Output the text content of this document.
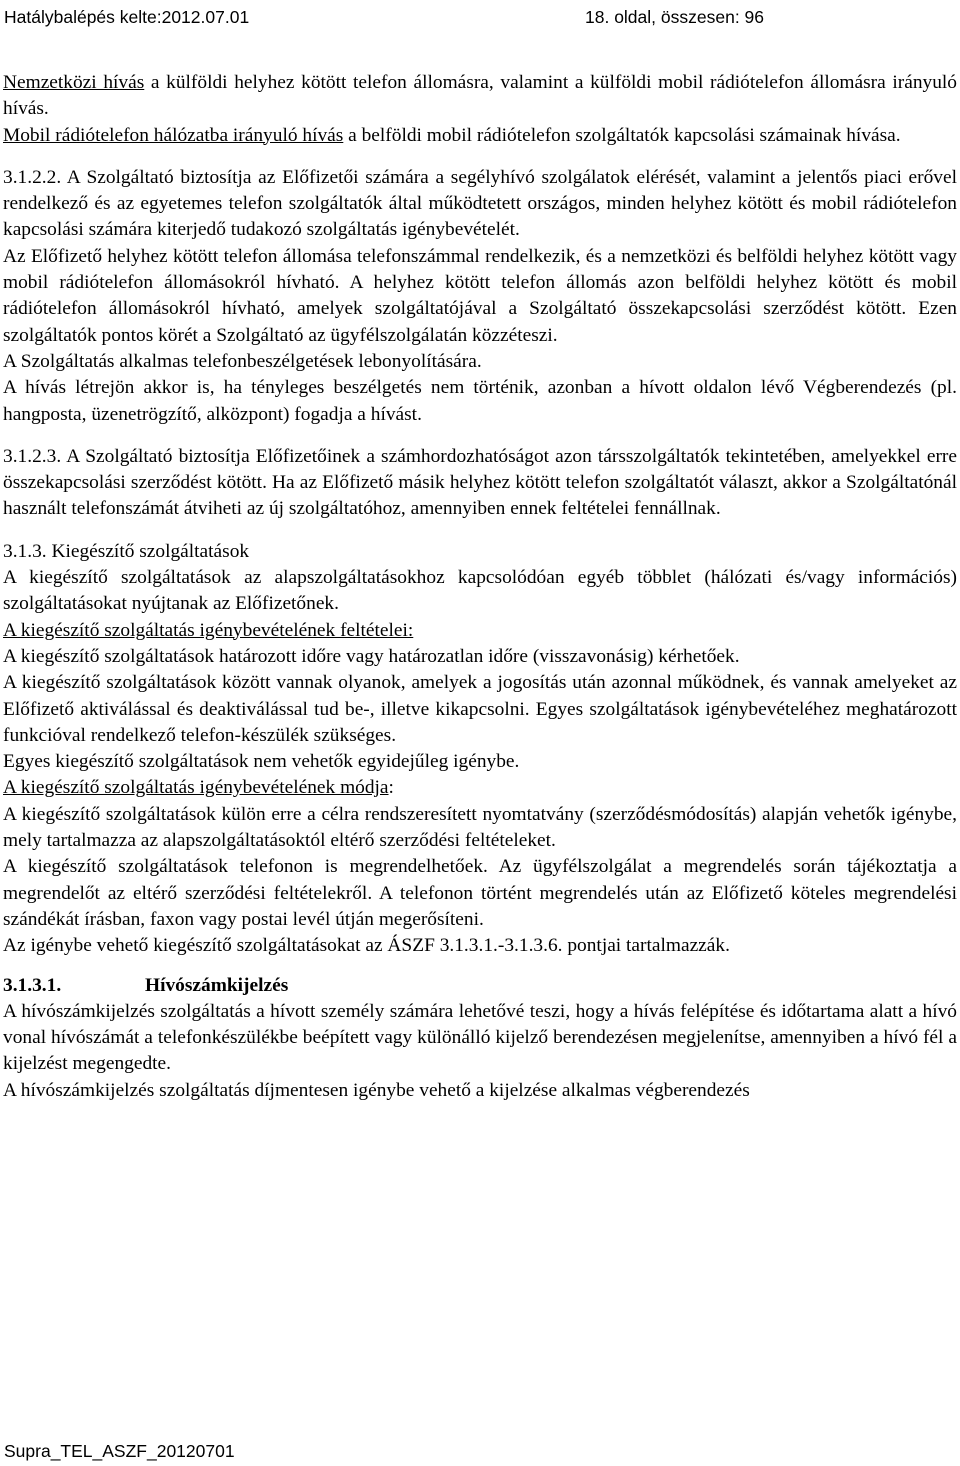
Hatálybalépés kelte:2012.07.01	18. oldal, összesen: 96

Nemzetközi hívás a külföldi helyhez kötött telefon állomásra, valamint a külföldi mobil rádiótelefon állomásra irányuló hívás.

Mobil rádiótelefon hálózatba irányuló hívás a belföldi mobil rádiótelefon szolgáltatók kapcsolási számainak hívása.

3.1.2.2. A Szolgáltató biztosítja az Előfizetői számára a segélyhívó szolgálatok elérését, valamint a jelentős piaci erővel rendelkező és az egyetemes telefon szolgáltatók által működtetett országos, minden helyhez kötött és mobil rádiótelefon kapcsolási számára kiterjedő tudakozó szolgáltatás igénybevételét.

Az Előfizető helyhez kötött telefon állomása telefonszámmal rendelkezik, és a nemzetközi és belföldi helyhez kötött vagy mobil rádiótelefon állomásokról hívható. A helyhez kötött telefon állomás azon belföldi helyhez kötött és mobil rádiótelefon állomásokról hívható, amelyek szolgáltatójával a Szolgáltató összekapcsolási szerződést kötött. Ezen szolgáltatók pontos körét a Szolgáltató az ügyfélszolgálatán közzéteszi.

A Szolgáltatás alkalmas telefonbeszélgetések lebonyolítására.

A hívás létrejön akkor is, ha tényleges beszélgetés nem történik, azonban a hívott oldalon lévő Végberendezés (pl. hangposta, üzenetrögzítő, alközpont) fogadja a hívást.

3.1.2.3. A Szolgáltató biztosítja Előfizetőinek a számhordozhatóságot azon társszolgáltatók tekintetében, amelyekkel erre összekapcsolási szerződést kötött. Ha az Előfizető másik helyhez kötött telefon szolgáltatót választ, akkor a Szolgáltatónál használt telefonszámát átviheti az új szolgáltatóhoz, amennyiben ennek feltételei fennállnak.

3.1.3. Kiegészítő szolgáltatások

A kiegészítő szolgáltatások az alapszolgáltatásokhoz kapcsolódóan egyéb többlet (hálózati és/vagy információs) szolgáltatásokat nyújtanak az Előfizetőnek.

A kiegészítő szolgáltatás igénybevételének feltételei:

A kiegészítő szolgáltatások határozott időre vagy határozatlan időre (visszavonásig) kérhetőek.

A kiegészítő szolgáltatások között vannak olyanok, amelyek a jogosítás után azonnal működnek, és vannak amelyeket az Előfizető aktiválással és deaktiválással tud be-, illetve kikapcsolni. Egyes szolgáltatások igénybevételéhez meghatározott funkcióval rendelkező telefon-készülék szükséges.

Egyes kiegészítő szolgáltatások nem vehetők egyidejűleg igénybe.

A kiegészítő szolgáltatás igénybevételének módja:

A kiegészítő szolgáltatások külön erre a célra rendszeresített nyomtatvány (szerződésmódosítás) alapján vehetők igénybe, mely tartalmazza az alapszolgáltatásoktól eltérő szerződési feltételeket.

A kiegészítő szolgáltatások telefonon is megrendelhetőek. Az ügyfélszolgálat a megrendelés során tájékoztatja a megrendelőt az eltérő szerződési feltételekről. A telefonon történt megrendelés után az Előfizető köteles megrendelési szándékát írásban, faxon vagy postai levél útján megerősíteni.

Az igénybe vehető kiegészítő szolgáltatásokat az ÁSZF 3.1.3.1.-3.1.3.6. pontjai tartalmazzák.

3.1.3.1.	Hívószámkijelzés

A hívószámkijelzés szolgáltatás a hívott személy számára lehetővé teszi, hogy a hívás felépítése és időtartama alatt a hívó vonal hívószámát a telefonkészülékbe beépített vagy különálló kijelző berendezésen megjelenítse, amennyiben a hívó fél a kijelzést megengedte.

A hívószámkijelzés szolgáltatás díjmentesen igénybe vehető a kijelzése alkalmas végberendezés

Supra_TEL_ASZF_20120701
